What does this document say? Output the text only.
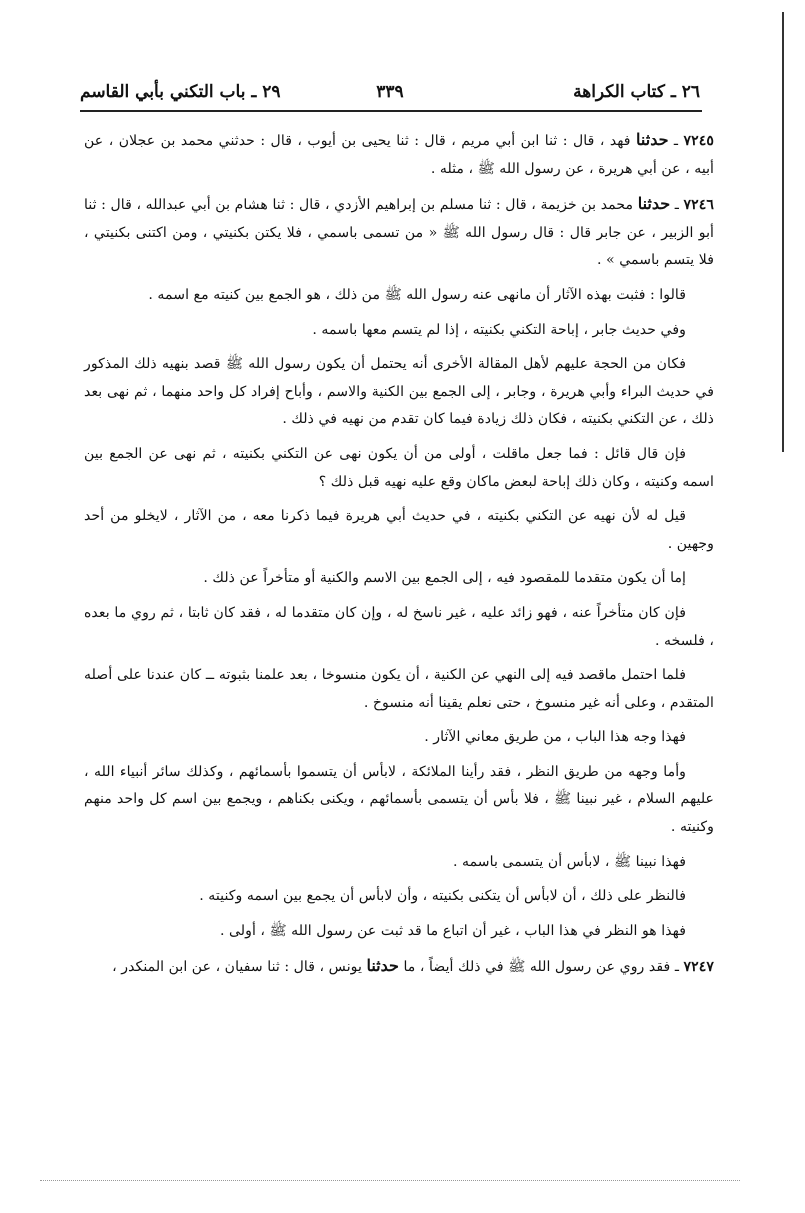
٢٦ ـ كتاب الكراهة
٣٣٩
٢٩ ـ باب التكني بأبي القاسم

٧٢٤٥ ـ حدثنا فهد ، قال : ثنا ابن أبي مريم ، قال : ثنا يحيى بن أيوب ، قال : حدثني محمد بن عجلان ، عن أبيه ، عن أبي هريرة ، عن رسول الله ﷺ ، مثله .

٧٢٤٦ ـ حدثنا محمد بن خزيمة ، قال : ثنا مسلم بن إبراهيم الأزدي ، قال : ثنا هشام بن أبي عبدالله ، قال : ثنا أبو الزبير ، عن جابر قال : قال رسول الله ﷺ « من تسمى باسمي ، فلا يكتن بكنيتي ، ومن اكتنى بكنيتي ، فلا يتسم باسمي » .

قالوا : فثبت بهذه الآثار أن مانهى عنه رسول الله ﷺ من ذلك ، هو الجمع بين كنيته مع اسمه .

وفي حديث جابر ، إباحة التكني بكنيته ، إذا لم يتسم معها باسمه .

فكان من الحجة عليهم لأهل المقالة الأخرى أنه يحتمل أن يكون رسول الله ﷺ قصد بنهيه ذلك المذكور في حديث البراء وأبي هريرة ، وجابر ، إلى الجمع بين الكنية والاسم ، وأباح إفراد كل واحد منهما ، ثم نهى بعد ذلك ، عن التكني بكنيته ، فكان ذلك زيادة فيما كان تقدم من نهيه في ذلك .

فإن قال قائل : فما جعل ماقلت ، أولى من أن يكون نهى عن التكني بكنيته ، ثم نهى عن الجمع بين اسمه وكنيته ، وكان ذلك إباحة لبعض ماكان وقع عليه نهيه قبل ذلك ؟

قيل له لأن نهيه عن التكني بكنيته ، في حديث أبي هريرة فيما ذكرنا معه ، من الآثار ، لايخلو من أحد وجهين .

إما أن يكون متقدما للمقصود فيه ، إلى الجمع بين الاسم والكنية أو متأخراً عن ذلك .

فإن كان متأخراً عنه ، فهو زائد عليه ، غير ناسخ له ، وإن كان متقدما له ، فقد كان ثابتا ، ثم روي ما بعده ، فلسخه .

فلما احتمل ماقصد فيه إلى النهي عن الكنية ، أن يكون منسوخا ، بعد علمنا بثبوته ــ كان عندنا على أصله المتقدم ، وعلى أنه غير منسوخ ، حتى نعلم يقينا أنه منسوخ .

فهذا وجه هذا الباب ، من طريق معاني الآثار .

وأما وجهه من طريق النظر ، فقد رأينا الملائكة ، لابأس أن يتسموا بأسمائهم ، وكذلك سائر أنبياء الله ، عليهم السلام ، غير نبينا ﷺ ، فلا بأس أن يتسمى بأسمائهم ، ويكنى بكناهم ، ويجمع بين اسم كل واحد منهم وكنيته .

فهذا نبينا ﷺ ، لابأس أن يتسمى باسمه .

فالنظر على ذلك ، أن لابأس أن يتكنى بكنيته ، وأن لابأس أن يجمع بين اسمه وكنيته .

فهذا هو النظر في هذا الباب ، غير أن اتباع ما قد ثبت عن رسول الله ﷺ ، أولى .

٧٢٤٧ ـ فقد روي عن رسول الله ﷺ في ذلك أيضاً ، ما حدثنا يونس ، قال : ثنا سفيان ، عن ابن المنكدر ،
